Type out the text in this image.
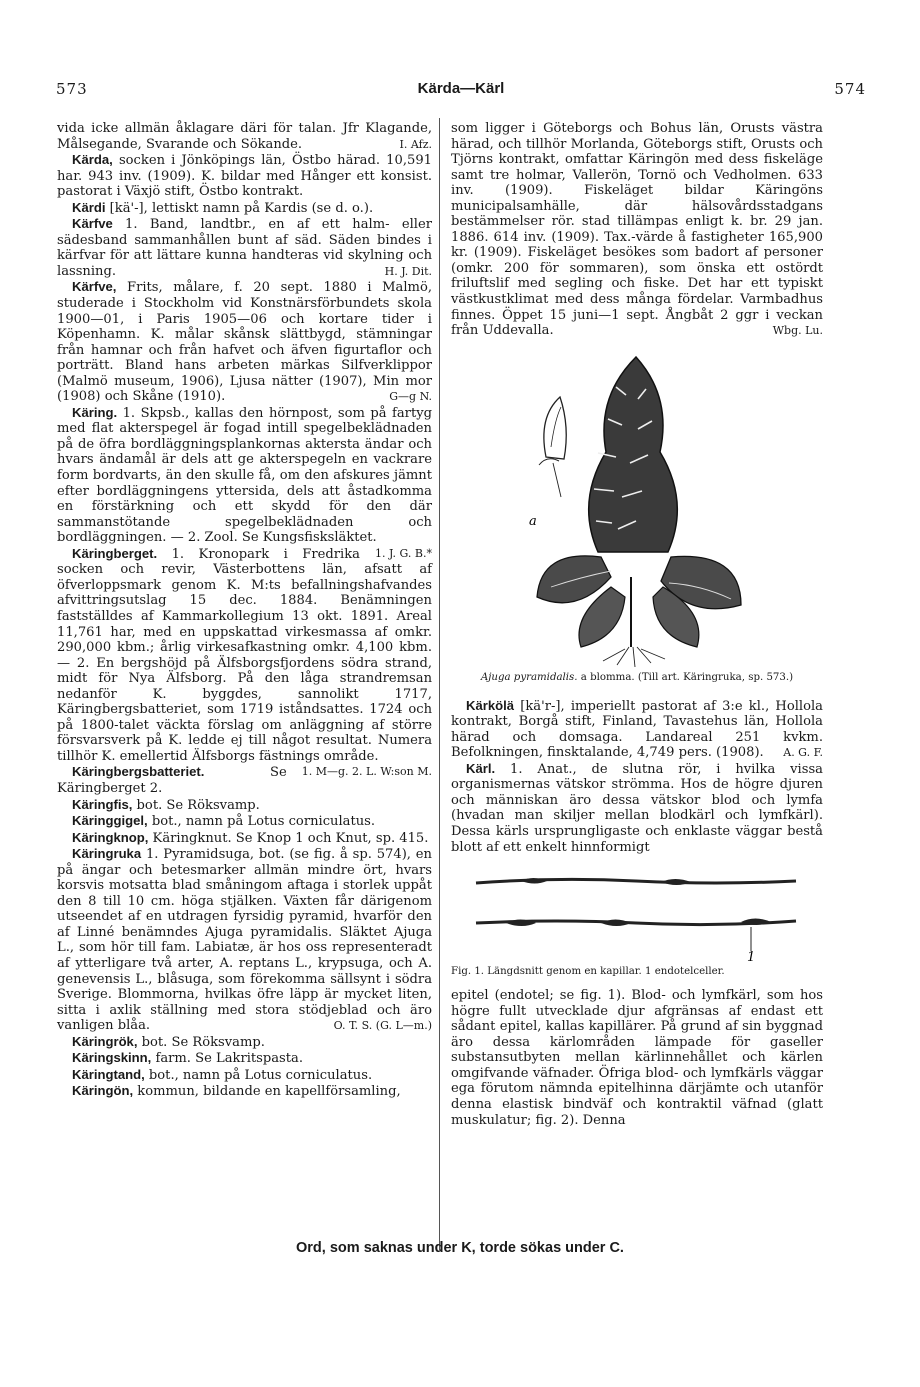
573	Kärda—Kärl	574

vida icke allmän åklagare däri för talan. Jfr Klagande, Målsegande, Svarande och Sökande.	I. Afz.

Kärda, socken i Jönköpings län, Östbo härad. 10,591 har. 943 inv. (1909). K. bildar med Hånger ett konsist. pastorat i Växjö stift, Östbo kontrakt.

Kärdi [kä'-], lettiskt namn på Kardis (se d. o.).

Kärfve 1. Band, landtbr., en af ett halm- eller sädesband sammanhållen bunt af säd. Säden bindes i kärfvar för att lättare kunna handteras vid skylning och lassning.	H. J. Dit.

Kärfve, Frits, målare, f. 20 sept. 1880 i Malmö, studerade i Stockholm vid Konstnärsförbundets skola 1900—01, i Paris 1905—06 och kortare tider i Köpenhamn. K. målar skånsk slättbygd, stämningar från hamnar och från hafvet och äfven figurtaflor och porträtt. Bland hans arbeten märkas Silfverklippor (Malmö museum, 1906), Ljusa nätter (1907), Min mor (1908) och Skåne (1910).	G—g N.

Käring. 1. Skpsb., kallas den hörnpost, som på fartyg med flat akterspegel är fogad intill spegelbeklädnaden på de öfra bordläggningsplankornas aktersta ändar och hvars ändamål är dels att ge akterspegeln en vackrare form bordvarts, än den skulle få, om den afskures jämnt efter bordläggningens yttersida, dels att åstadkomma en förstärkning och ett skydd för den där sammanstötande spegelbeklädnaden och bordläggningen. — 2. Zool. Se Kungsfisksläktet.
1. J. G. B.*

Käringberget. 1. Kronopark i Fredrika socken och revir, Västerbottens län, afsatt af öfverloppsmark genom K. M:ts befallningshafvandes afvittringsutslag 15 dec. 1884. Benämningen fastställdes af Kammarkollegium 13 okt. 1891. Areal 11,761 har, med en uppskattad virkesmassa af omkr. 290,000 kbm.; årlig virkesafkastning omkr. 4,100 kbm. — 2. En bergshöjd på Älfsborgsfjordens södra strand, midt för Nya Älfsborg. På den låga strandremsan nedanför K. byggdes, sannolikt 1717, Käringbergsbatteriet, som 1719 iståndsattes. 1724 och på 1800-talet väckta förslag om anläggning af större försvarsverk på K. ledde ej till något resultat. Numera tillhör K. emellertid Älfsborgs fästnings område.
1. M—g. 2. L. W:son M.

Käringbergsbatteriet. Se Käringberget 2.

Käringfis, bot. Se Röksvamp.

Käringgigel, bot., namn på Lotus corniculatus.

Käringknop, Käringknut. Se Knop 1 och Knut, sp. 415.

Käringruka 1. Pyramidsuga, bot. (se fig. å sp. 574), en på ängar och betesmarker allmän mindre ört, hvars korsvis motsatta blad småningom aftaga i storlek uppåt den 8 till 10 cm. höga stjälken. Växten får därigenom utseendet af en utdragen fyrsidig pyramid, hvarför den af Linné benämndes Ajuga pyramidalis. Släktet Ajuga L., som hör till fam. Labiatæ, är hos oss representeradt af ytterligare två arter, A. reptans L., krypsuga, och A. genevensis L., blåsuga, som förekomma sällsynt i södra Sverige. Blommorna, hvilkas öfre läpp är mycket liten, sitta i axlik ställning med stora stödjeblad och äro vanligen blåa.	O. T. S. (G. L—m.)

Käringrök, bot. Se Röksvamp.

Käringskinn, farm. Se Lakritspasta.

Käringtand, bot., namn på Lotus corniculatus.

Käringön, kommun, bildande en kapellförsamling,

som ligger i Göteborgs och Bohus län, Orusts västra härad, och tillhör Morlanda, Göteborgs stift, Orusts och Tjörns kontrakt, omfattar Käringön med dess fiskeläge samt tre holmar, Vallerön, Tornö och Vedholmen. 633 inv. (1909). Fiskeläget bildar Käringöns municipalsamhälle, där hälsovårdsstadgans bestämmelser rör. stad tillämpas enligt k. br. 29 jan. 1886. 614 inv. (1909). Tax.-värde å fastigheter 165,900 kr. (1909). Fiskeläget besökes som badort af personer (omkr. 200 för sommaren), som önska ett ostördt friluftslif med segling och fiske. Det har ett typiskt västkustklimat med dess många fördelar. Varmbadhus finnes. Öppet 15 juni—1 sept. Ångbåt 2 ggr i veckan från Uddevalla.	Wbg. Lu.

a

Ajuga pyramidalis. a blomma. (Till art. Käringruka, sp. 573.)

Kärkölä [kä'r-], imperiellt pastorat af 3:e kl., Hollola kontrakt, Borgå stift, Finland, Tavastehus län, Hollola härad och domsaga. Landareal 251 kvkm. Befolkningen, finsktalande, 4,749 pers. (1908).	A. G. F.

Kärl. 1. Anat., de slutna rör, i hvilka vissa organismernas vätskor strömma. Hos de högre djuren och människan äro dessa vätskor blod och lymfa (hvadan man skiljer mellan blodkärl och lymfkärl). Dessa kärls ursprungligaste och enklaste väggar bestå blott af ett enkelt hinnformigt

1

Fig. 1. Längdsnitt genom en kapillar. 1 endotelceller.

epitel (endotel; se fig. 1). Blod- och lymfkärl, som hos högre fullt utvecklade djur afgränsas af endast ett sådant epitel, kallas kapillärer. På grund af sin byggnad äro dessa kärlområden lämpade för gaseller substansutbyten mellan kärlinnehållet och kärlen omgifvande väfnader. Öfriga blod- och lymfkärls väggar ega förutom nämnda epitelhinna därjämte och utanför denna elastisk bindväf och kontraktil väfnad (glatt muskulatur; fig. 2). Denna

Ord, som saknas under K, torde sökas under C.
